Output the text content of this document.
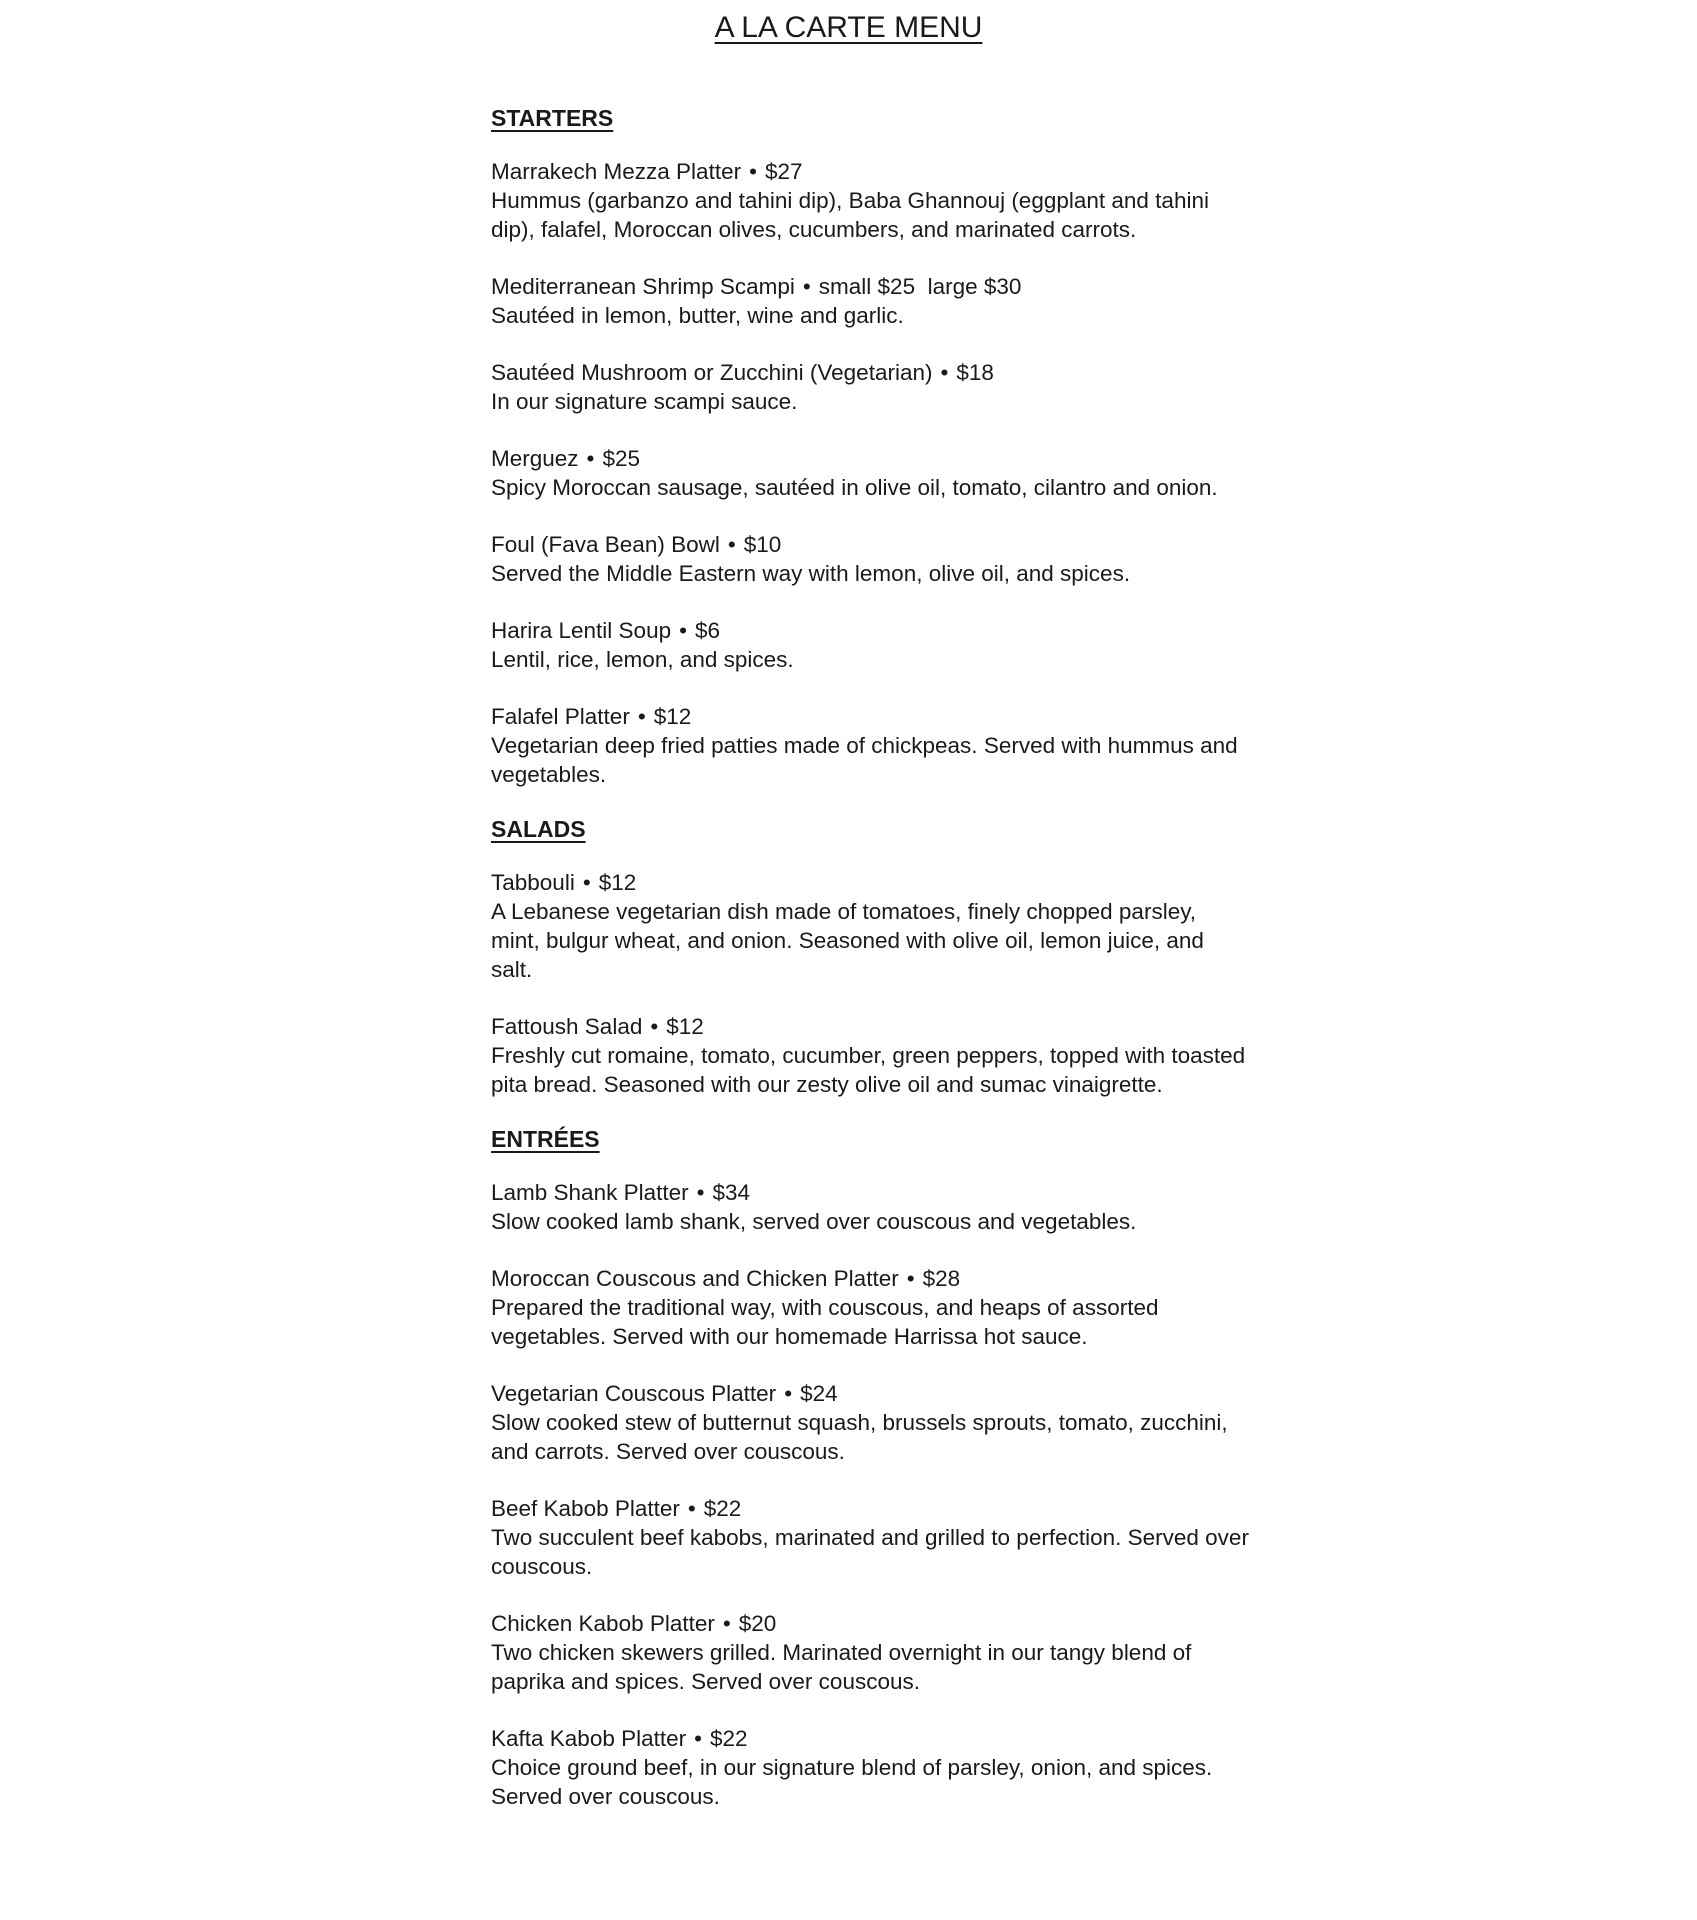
A LA CARTE MENU
STARTERS

Marrakech Mezza Platter • $27

Hummus (garbanzo and tahini dip), Baba Ghannouj (eggplant and tahini dip), falafel, Moroccan olives, cucumbers, and marinated carrots.

Mediterranean Shrimp Scampi • small $25  large $30

Sautéed in lemon, butter, wine and garlic.

Sautéed Mushroom or Zucchini (Vegetarian) • $18

In our signature scampi sauce.

Merguez • $25

Spicy Moroccan sausage, sautéed in olive oil, tomato, cilantro and onion.

Foul (Fava Bean) Bowl • $10

Served the Middle Eastern way with lemon, olive oil, and spices.

Harira Lentil Soup • $6

Lentil, rice, lemon, and spices.

Falafel Platter • $12

Vegetarian deep fried patties made of chickpeas. Served with hummus and vegetables.

SALADS

Tabbouli • $12

A Lebanese vegetarian dish made of tomatoes, finely chopped parsley, mint, bulgur wheat, and onion. Seasoned with olive oil, lemon juice, and salt.

Fattoush Salad • $12

Freshly cut romaine, tomato, cucumber, green peppers, topped with toasted pita bread. Seasoned with our zesty olive oil and sumac vinaigrette.

ENTRÉES

Lamb Shank Platter • $34

Slow cooked lamb shank, served over couscous and vegetables.

Moroccan Couscous and Chicken Platter • $28

Prepared the traditional way, with couscous, and heaps of assorted vegetables. Served with our homemade Harrissa hot sauce.

Vegetarian Couscous Platter • $24

Slow cooked stew of butternut squash, brussels sprouts, tomato, zucchini, and carrots. Served over couscous.

Beef Kabob Platter • $22

Two succulent beef kabobs, marinated and grilled to perfection. Served over couscous.

Chicken Kabob Platter • $20

Two chicken skewers grilled. Marinated overnight in our tangy blend of paprika and spices. Served over couscous.

Kafta Kabob Platter • $22

Choice ground beef, in our signature blend of parsley, onion, and spices. Served over couscous.
